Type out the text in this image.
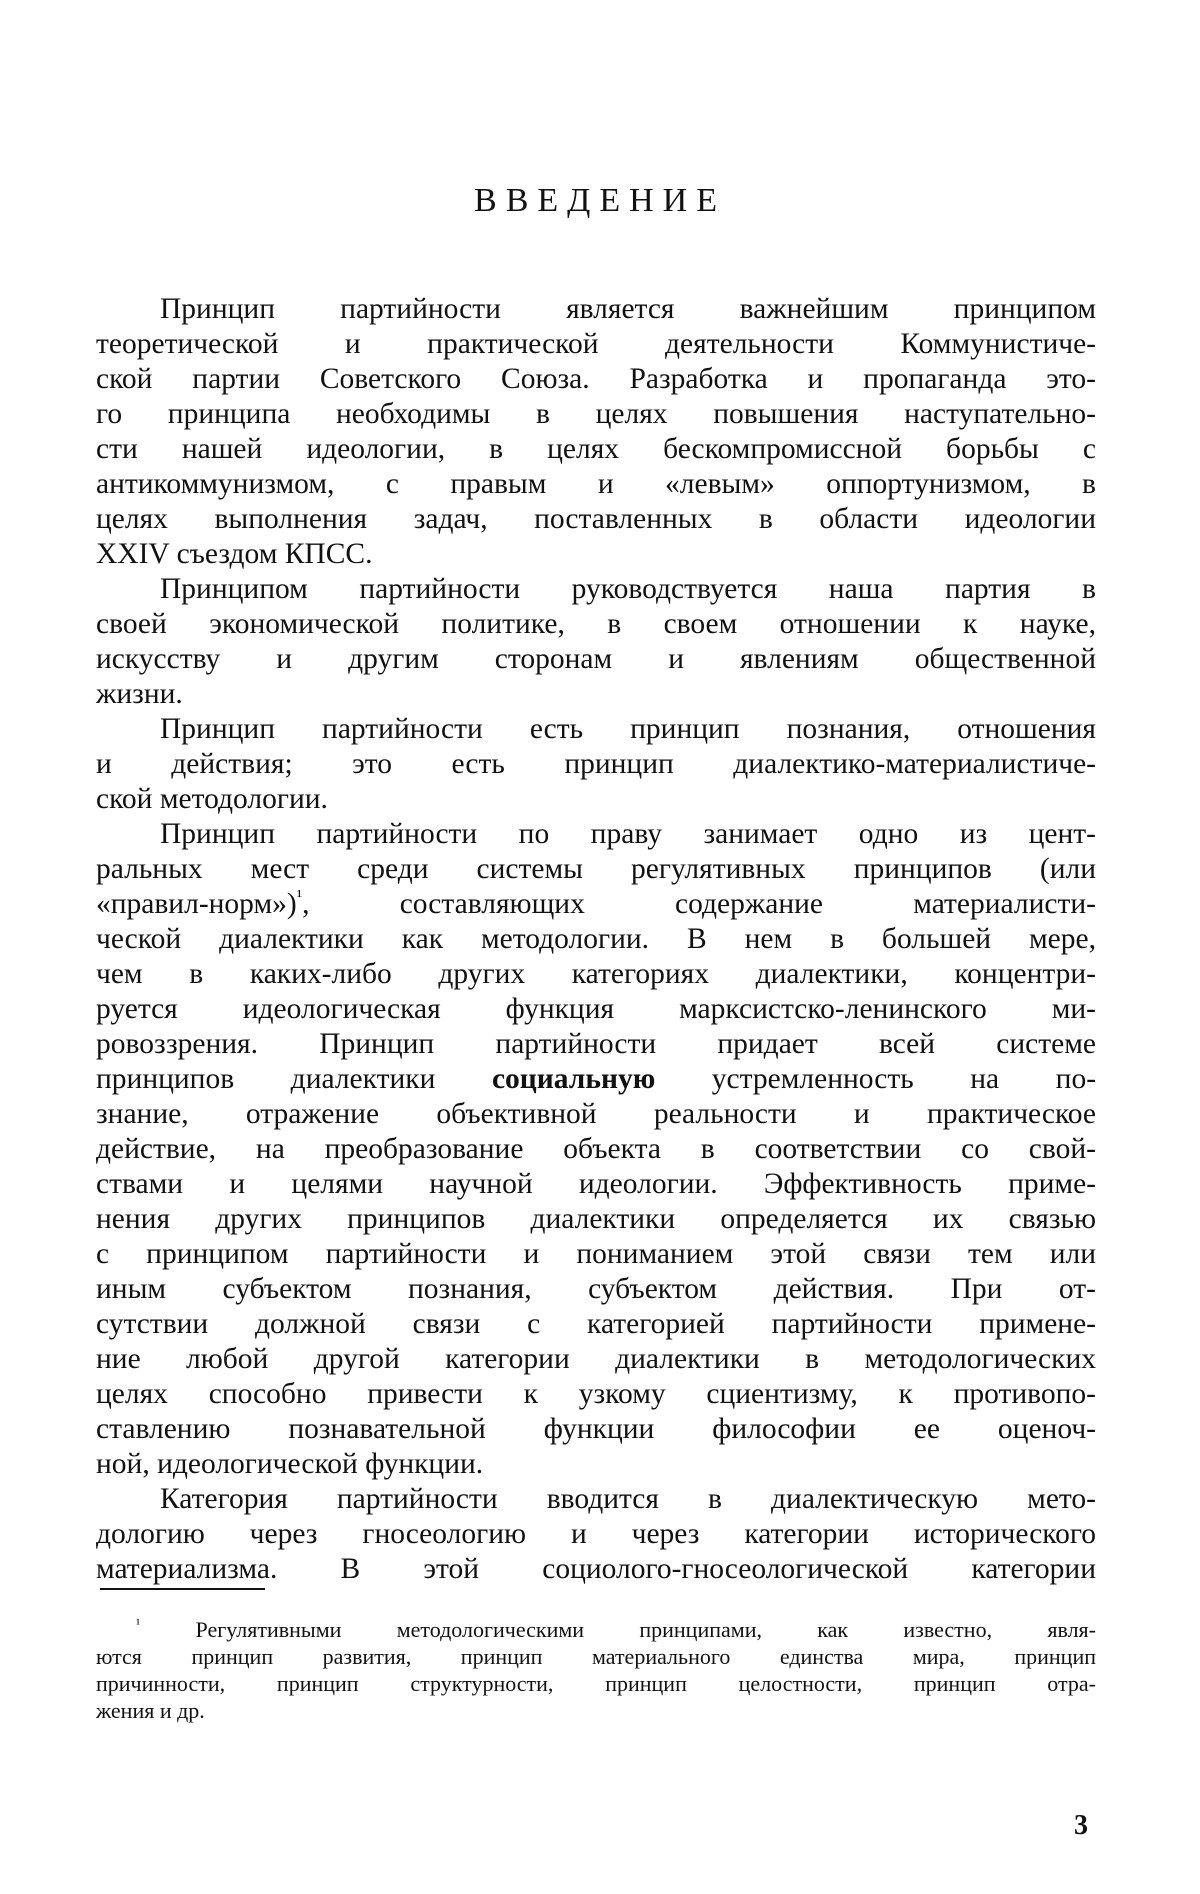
ВВЕДЕНИЕ
Принцип партийности является важнейшим принципом
теоретической и практической деятельности Коммунистиче-
ской партии Советского Союза. Разработка и пропаганда это-
го принципа необходимы в целях повышения наступательно-
сти нашей идеологии, в целях бескомпромиссной борьбы с
антикоммунизмом, с правым и «левым» оппортунизмом, в
целях выполнения задач, поставленных в области идеологии
XXIV съездом КПСС.
Принципом партийности руководствуется наша партия в
своей экономической политике, в своем отношении к науке,
искусству и другим сторонам и явлениям общественной
жизни.
Принцип партийности есть принцип познания, отношения
и действия; это есть принцип диалектико-материалистиче-
ской методологии.
Принцип партийности по праву занимает одно из цент-
ральных мест среди системы регулятивных принципов (или
«правил-норм»)$^{^1}$, составляющих содержание материалисти-
ческой диалектики как методологии. В нем в большей мере,
чем в каких-либо других категориях диалектики, концентри-
руется идеологическая функция марксистско-ленинского ми-
ровоззрения. Принцип партийности придает всей системе
принципов диалектики социальную устремленность на по-
знание, отражение объективной реальности и практическое
действие, на преобразование объекта в соответствии со свой-
ствами и целями научной идеологии. Эффективность приме-
нения других принципов диалектики определяется их связью
с принципом партийности и пониманием этой связи тем или
иным субъектом познания, субъектом действия. При от-
сутствии должной связи с категорией партийности примене-
ние любой другой категории диалектики в методологических
целях способно привести к узкому сциентизму, к противопо-
ставлению познавательной функции философии ее оценоч-
ной, идеологической функции.
Категория партийности вводится в диалектическую мето-
дологию через гносеологию и через категории исторического
материализма. В этой социолого-гносеологической категории
$^{^1}$	Регулятивными методологическими принципами, как известно, явля-
ются принцип развития, принцип материального единства мира, принцип
причинности, принцип структурности, принцип целостности, принцип отра-
жения и др.
3
